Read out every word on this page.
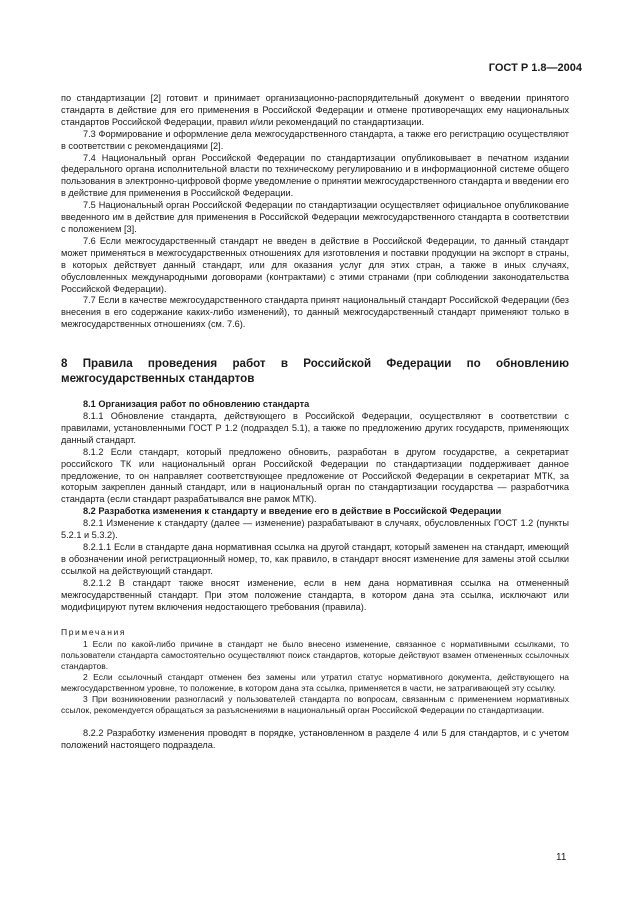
ГОСТ Р 1.8—2004

по стандартизации [2] готовит и принимает организационно-распорядительный документ о введении принятого стандарта в действие для его применения в Российской Федерации и отмене противоречащих ему национальных стандартов Российской Федерации, правил и/или рекомендаций по стандартизации.

7.3 Формирование и оформление дела межгосударственного стандарта, а также его регистрацию осуществляют в соответствии с рекомендациями [2].

7.4 Национальный орган Российской Федерации по стандартизации опубликовывает в печатном издании федерального органа исполнительной власти по техническому регулированию и в информационной системе общего пользования в электронно-цифровой форме уведомление о принятии межгосударственного стандарта и введении его в действие для применения в Российской Федерации.

7.5 Национальный орган Российской Федерации по стандартизации осуществляет официальное опубликование введенного им в действие для применения в Российской Федерации межгосударственного стандарта в соответствии с положением [3].

7.6 Если межгосударственный стандарт не введен в действие в Российской Федерации, то данный стандарт может применяться в межгосударственных отношениях для изготовления и поставки продукции на экспорт в страны, в которых действует данный стандарт, или для оказания услуг для этих стран, а также в иных случаях, обусловленных международными договорами (контрактами) с этими странами (при соблюдении законодательства Российской Федерации).

7.7 Если в качестве межгосударственного стандарта принят национальный стандарт Российской Федерации (без внесения в его содержание каких-либо изменений), то данный межгосударственный стандарт применяют только в межгосударственных отношениях (см. 7.6).

8 Правила проведения работ в Российской Федерации по обновлению межгосударственных стандартов

8.1 Организация работ по обновлению стандарта

8.1.1 Обновление стандарта, действующего в Российской Федерации, осуществляют в соответствии с правилами, установленными ГОСТ Р 1.2 (подраздел 5.1), а также по предложению других государств, применяющих данный стандарт.

8.1.2 Если стандарт, который предложено обновить, разработан в другом государстве, а секретариат российского ТК или национальный орган Российской Федерации по стандартизации поддерживает данное предложение, то он направляет соответствующее предложение от Российской Федерации в секретариат МТК, за которым закреплен данный стандарт, или в национальный орган по стандартизации государства — разработчика стандарта (если стандарт разрабатывался вне рамок МТК).

8.2 Разработка изменения к стандарту и введение его в действие в Российской Федерации

8.2.1 Изменение к стандарту (далее — изменение) разрабатывают в случаях, обусловленных ГОСТ 1.2 (пункты 5.2.1 и 5.3.2).

8.2.1.1 Если в стандарте дана нормативная ссылка на другой стандарт, который заменен на стандарт, имеющий в обозначении иной регистрационный номер, то, как правило, в стандарт вносят изменение для замены этой ссылки ссылкой на действующий стандарт.

8.2.1.2 В стандарт также вносят изменение, если в нем дана нормативная ссылка на отмененный межгосударственный стандарт. При этом положение стандарта, в котором дана эта ссылка, исключают или модифицируют путем включения недостающего требования (правила).

Примечания

1 Если по какой-либо причине в стандарт не было внесено изменение, связанное с нормативными ссылками, то пользователи стандарта самостоятельно осуществляют поиск стандартов, которые действуют взамен отмененных ссылочных стандартов.

2 Если ссылочный стандарт отменен без замены или утратил статус нормативного документа, действующего на межгосударственном уровне, то положение, в котором дана эта ссылка, применяется в части, не затрагивающей эту ссылку.

3 При возникновении разногласий у пользователей стандарта по вопросам, связанным с применением нормативных ссылок, рекомендуется обращаться за разъяснениями в национальный орган Российской Федерации по стандартизации.

8.2.2 Разработку изменения проводят в порядке, установленном в разделе 4 или 5 для стандартов, и с учетом положений настоящего подраздела.

11
